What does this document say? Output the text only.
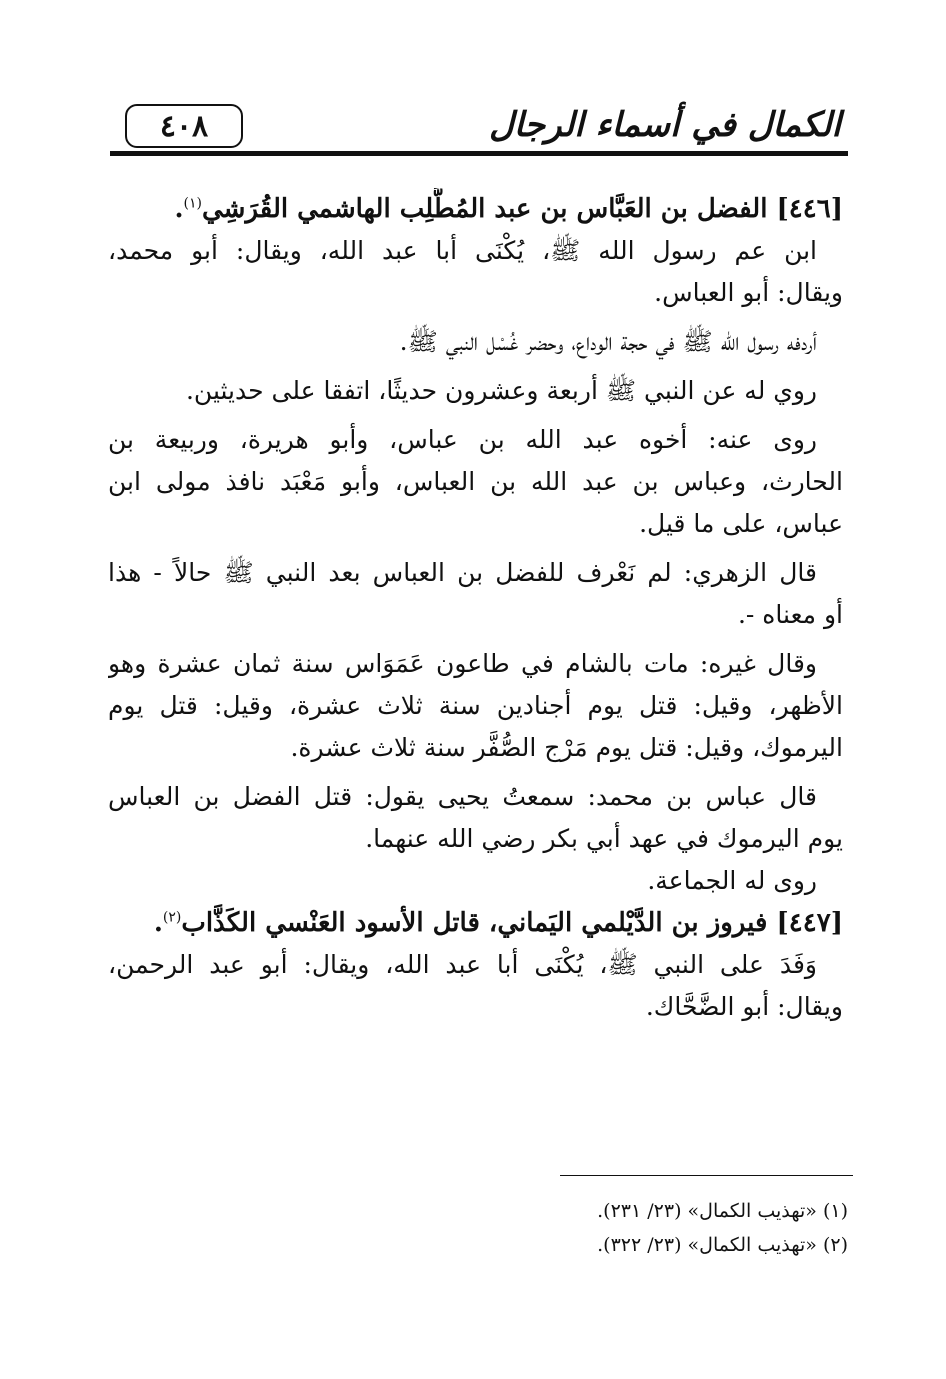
٤٠٨	الكمال في أسماء الرجال
[٤٤٦] الفضل بن العَبَّاس بن عبد المُطَّلِب الهاشمي القُرَشِي$^{(١)}$.
ابن عم رسول الله ﷺ، يُكْنَى أبا عبد الله، ويقال: أبو محمد،
ويقال: أبو العباس.
أردفه رسول الله ﷺ في حجة الوداع، وحضر غُسْل النبي ﷺ.
روي له عن النبي ﷺ أربعة وعشرون حديثًا، اتفقا على حديثين.
روى عنه: أخوه عبد الله بن عباس، وأبو هريرة، وربيعة بن
الحارث، وعباس بن عبد الله بن العباس، وأبو مَعْبَد نافذ مولى ابن
عباس، على ما قيل.
قال الزهري: لم نَعْرف للفضل بن العباس بعد النبي ﷺ حالاً - هذا
أو معناه -.
وقال غيره: مات بالشام في طاعون عَمَوَاس سنة ثمان عشرة وهو
الأظهر، وقيل: قتل يوم أجنادين سنة ثلاث عشرة، وقيل: قتل يوم
اليرموك، وقيل: قتل يوم مَرْج الصُّفَّر سنة ثلاث عشرة.
قال عباس بن محمد: سمعتُ يحيى يقول: قتل الفضل بن العباس
يوم اليرموك في عهد أبي بكر رضي الله عنهما.
روى له الجماعة.
[٤٤٧] فيروز بن الدَّيْلمي اليَماني، قاتل الأسود العَنْسي الكَذَّاب$^{(٢)}$.
وَفَدَ على النبي ﷺ، يُكْنَى أبا عبد الله، ويقال: أبو عبد الرحمن،
ويقال: أبو الضَّحَّاك.
(١) «تهذيب الكمال» (٢٣/ ٢٣١).
(٢) «تهذيب الكمال» (٢٣/ ٣٢٢).
